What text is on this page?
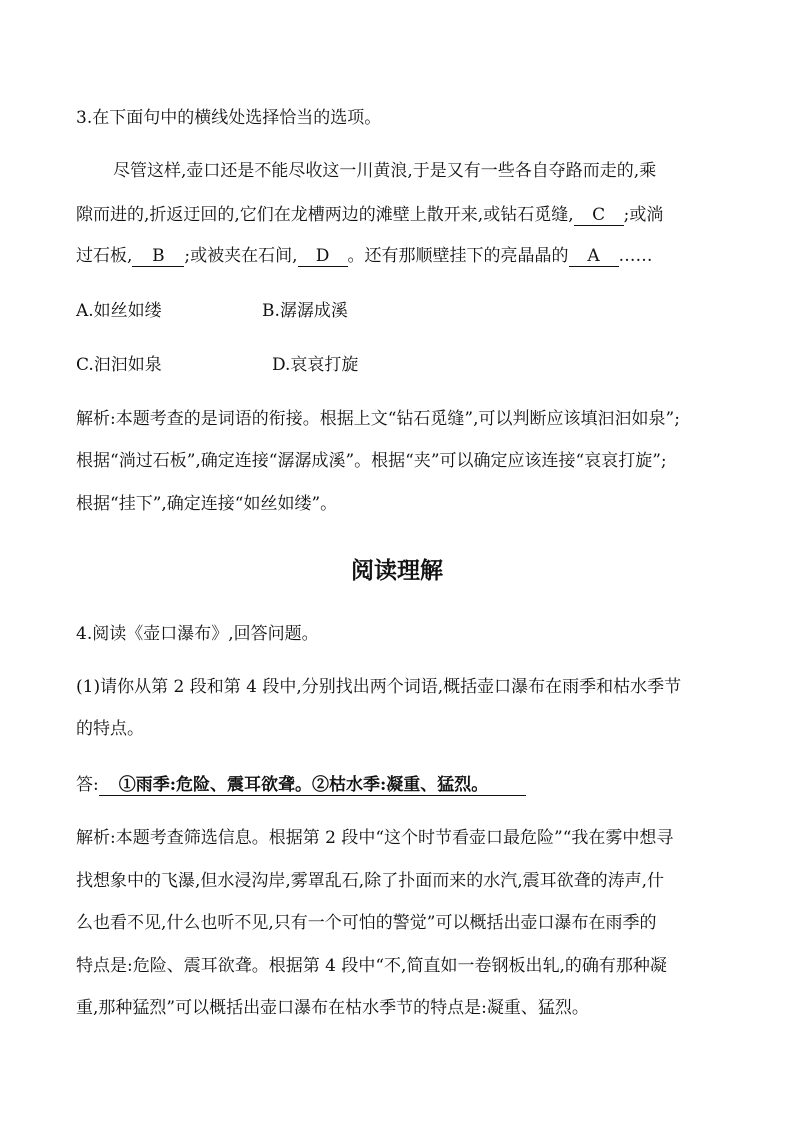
3.在下面句中的横线处选择恰当的选项。
尽管这样,壶口还是不能尽收这一川黄浪,于是又有一些各自夺路而走的,乘
隙而进的,折返迂回的,它们在龙槽两边的滩壁上散开来,或钻石觅缝, C ;或淌
过石板, B ;或被夹在石间, D 。还有那顺壁挂下的亮晶晶的 A ……
A.如丝如缕	B.潺潺成溪
C.汩汩如泉	D.哀哀打旋
解析:本题考查的是词语的衔接。根据上文“钻石觅缝”,可以判断应该填汩汩如泉”;
根据“淌过石板”,确定连接“潺潺成溪”。根据“夹”可以确定应该连接“哀哀打旋”;
根据“挂下”,确定连接“如丝如缕”。
阅读理解
4.阅读《壶口瀑布》,回答问题。
(1)请你从第 2 段和第 4 段中,分别找出两个词语,概括壶口瀑布在雨季和枯水季节
的特点。
答: ①雨季:危险、震耳欲聋。②枯水季:凝重、猛烈。
解析:本题考查筛选信息。根据第 2 段中“这个时节看壶口最危险”“我在雾中想寻
找想象中的飞瀑,但水浸沟岸,雾罩乱石,除了扑面而来的水汽,震耳欲聋的涛声,什
么也看不见,什么也听不见,只有一个可怕的警觉”可以概括出壶口瀑布在雨季的
特点是:危险、震耳欲聋。根据第 4 段中“不,简直如一卷钢板出轧,的确有那种凝
重,那种猛烈”可以概括出壶口瀑布在枯水季节的特点是:凝重、猛烈。
